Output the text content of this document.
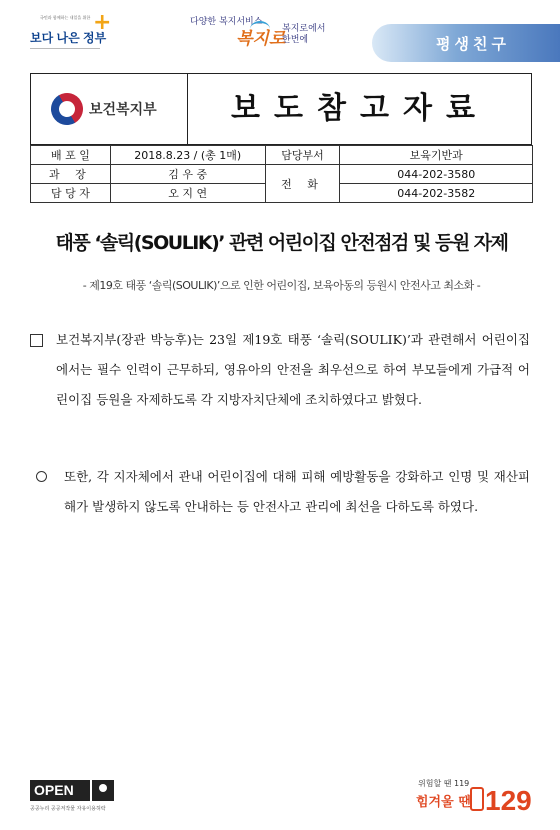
국민과 함께하는 내일을 위한
보다 나은 정부
+	다양한 복지서비스
복지로
복지로에서
한번에	평생친구
보건복지부	보도참고자료
배 포 일	2018.8.23 / (총 1매)	담당부서	보육기반과
과 장	김 우 중	전 화	044-202-3580
담 당 자	오 지 연		044-202-3582
태풍 ‘솔릭(SOULIK)’ 관련 어린이집 안전점검 및 등원 자제
- 제19호 태풍 ‘솔릭(SOULIK)’으로 인한 어린이집, 보육아동의 등원시 안전사고 최소화 -
보건복지부(장관 박능후)는 23일 제19호 태풍 ‘솔릭(SOULIK)’과 관련해서 어린이집에서는 필수 인력이 근무하되, 영유아의 안전을 최우선으로 하여 부모들에게 가급적 어린이집 등원을 자제하도록 각 지방자치단체에 조치하였다고 밝혔다.
또한, 각 지자체에서 관내 어린이집에 대해 피해 예방활동을 강화하고 인명 및 재산피해가 발생하지 않도록 안내하는 등 안전사고 관리에 최선을 다하도록 하였다.
OPEN
공공누리 공공저작물 자유이용허락
위험할 땐 119
힘겨울 땐 129
